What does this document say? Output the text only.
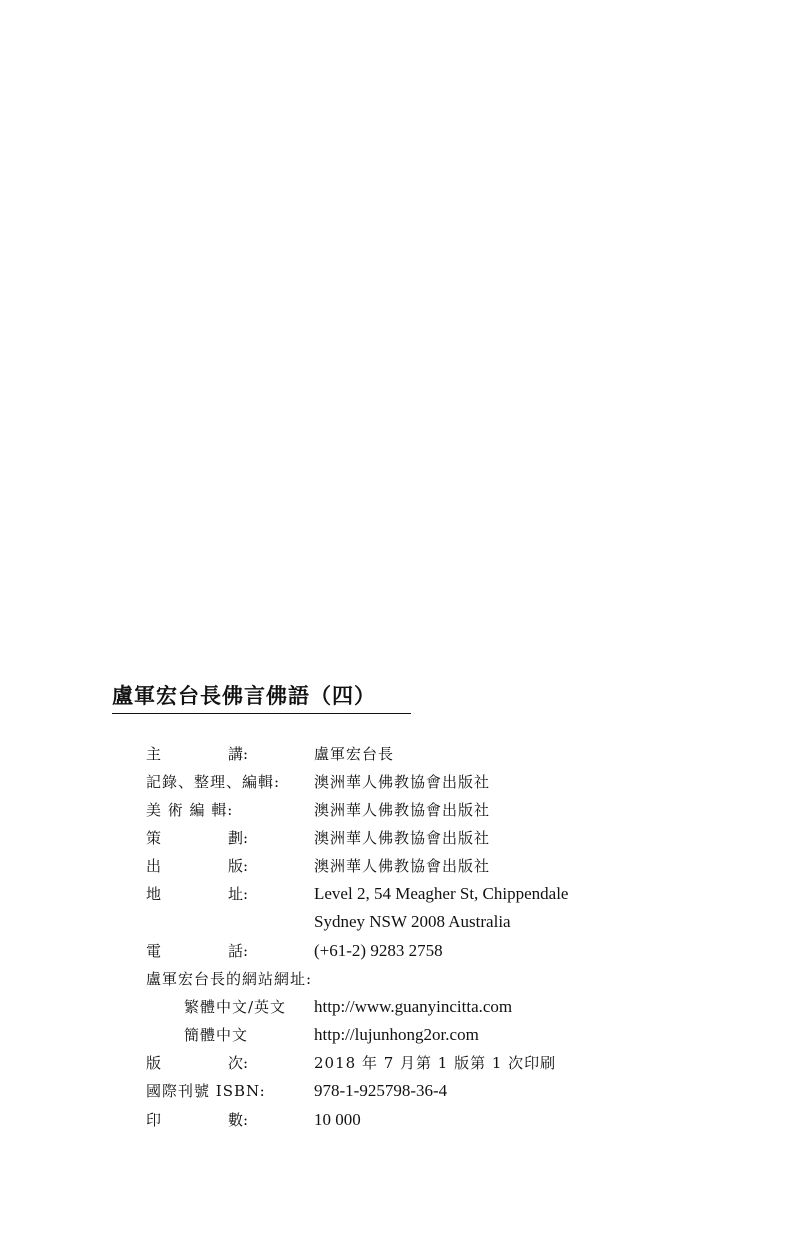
盧軍宏台長佛言佛語（四）
主	講:	盧軍宏台長
記錄、整理、編輯: 澳洲華人佛教協會出版社
美 術 編 輯:	澳洲華人佛教協會出版社
策	劃:	澳洲華人佛教協會出版社
出	版:	澳洲華人佛教協會出版社
地	址:	Level 2, 54 Meagher St, Chippendale
Sydney NSW 2008 Australia
電	話:	(+61-2) 9283 2758
盧軍宏台長的網站網址:
繁體中文/英文 http://www.guanyincitta.com
簡體中文	http://lujunhong2or.com
版	次:	2018 年 7 月第 1 版第 1 次印刷
國際刊號 ISBN:	978-1-925798-36-4
印	數:	10 000
